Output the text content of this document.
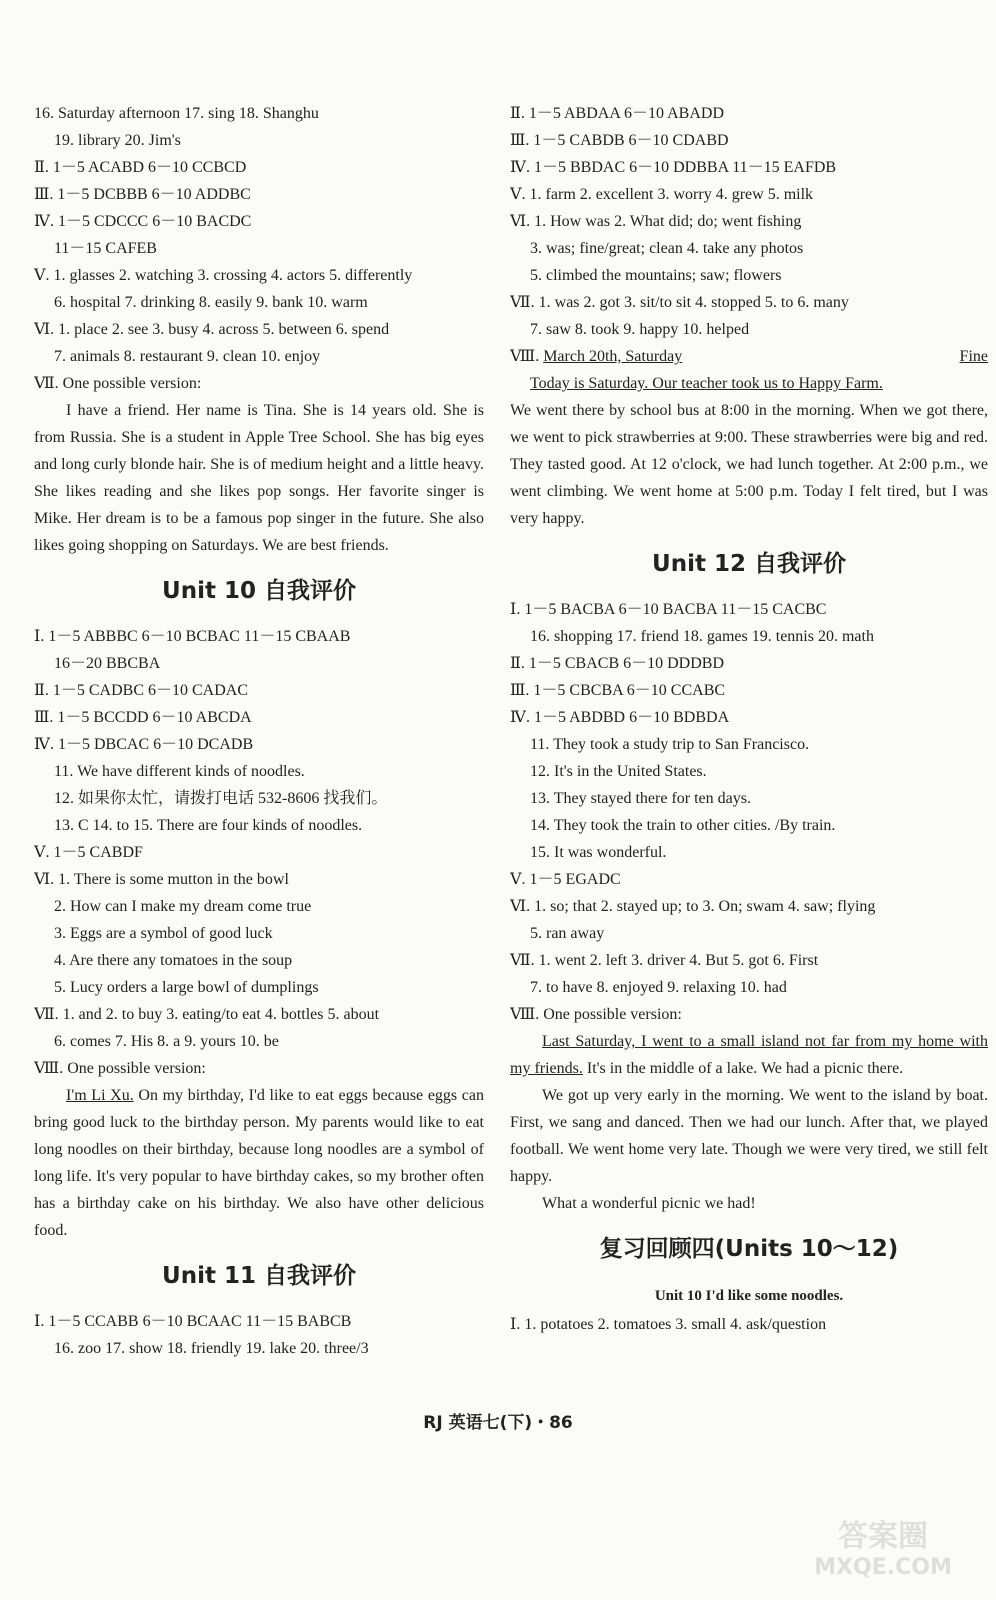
16. Saturday afternoon 17. sing 18. Shanghu
19. library 20. Jim's
Ⅱ. 1－5 ACABD 6－10 CCBCD
Ⅲ. 1－5 DCBBB 6－10 ADDBC
Ⅳ. 1－5 CDCCC 6－10 BACDC
11－15 CAFEB
Ⅴ. 1. glasses 2. watching 3. crossing 4. actors 5. differently
6. hospital 7. drinking 8. easily 9. bank 10. warm
Ⅵ. 1. place 2. see 3. busy 4. across 5. between 6. spend
7. animals 8. restaurant 9. clean 10. enjoy
Ⅶ. One possible version:
I have a friend. Her name is Tina. She is 14 years old. She is from Russia. She is a student in Apple Tree School. She has big eyes and long curly blonde hair. She is of medium height and a little heavy. She likes reading and she likes pop songs. Her favorite singer is Mike. Her dream is to be a famous pop singer in the future. She also likes going shopping on Saturdays. We are best friends.
Unit 10 自我评价
Ⅰ. 1－5 ABBBC 6－10 BCBAC 11－15 CBAAB
16－20 BBCBA
Ⅱ. 1－5 CADBC 6－10 CADAC
Ⅲ. 1－5 BCCDD 6－10 ABCDA
Ⅳ. 1－5 DBCAC 6－10 DCADB
11. We have different kinds of noodles.
12. 如果你太忙，请拨打电话 532-8606 找我们。
13. C 14. to 15. There are four kinds of noodles.
Ⅴ. 1－5 CABDF
Ⅵ. 1. There is some mutton in the bowl
2. How can I make my dream come true
3. Eggs are a symbol of good luck
4. Are there any tomatoes in the soup
5. Lucy orders a large bowl of dumplings
Ⅶ. 1. and 2. to buy 3. eating/to eat 4. bottles 5. about
6. comes 7. His 8. a 9. yours 10. be
Ⅷ. One possible version:
I'm Li Xu. On my birthday, I'd like to eat eggs because eggs can bring good luck to the birthday person. My parents would like to eat long noodles on their birthday, because long noodles are a symbol of long life. It's very popular to have birthday cakes, so my brother often has a birthday cake on his birthday. We also have other delicious food.
Unit 11 自我评价
Ⅰ. 1－5 CCABB 6－10 BCAAC 11－15 BABCB
16. zoo 17. show 18. friendly 19. lake 20. three/3
Ⅱ. 1－5 ABDAA 6－10 ABADD
Ⅲ. 1－5 CABDB 6－10 CDABD
Ⅳ. 1－5 BBDAC 6－10 DDBBA 11－15 EAFDB
Ⅴ. 1. farm 2. excellent 3. worry 4. grew 5. milk
Ⅵ. 1. How was 2. What did; do; went fishing
3. was; fine/great; clean 4. take any photos
5. climbed the mountains; saw; flowers
Ⅶ. 1. was 2. got 3. sit/to sit 4. stopped 5. to 6. many
7. saw 8. took 9. happy 10. helped
Ⅷ. March 20th, Saturday	Fine
Today is Saturday. Our teacher took us to Happy Farm.
We went there by school bus at 8:00 in the morning. When we got there, we went to pick strawberries at 9:00. These strawberries were big and red. They tasted good. At 12 o'clock, we had lunch together. At 2:00 p.m., we went climbing. We went home at 5:00 p.m. Today I felt tired, but I was very happy.
Unit 12 自我评价
Ⅰ. 1－5 BACBA 6－10 BACBA 11－15 CACBC
16. shopping 17. friend 18. games 19. tennis 20. math
Ⅱ. 1－5 CBACB 6－10 DDDBD
Ⅲ. 1－5 CBCBA 6－10 CCABC
Ⅳ. 1－5 ABDBD 6－10 BDBDA
11. They took a study trip to San Francisco.
12. It's in the United States.
13. They stayed there for ten days.
14. They took the train to other cities. /By train.
15. It was wonderful.
Ⅴ. 1－5 EGADC
Ⅵ. 1. so; that 2. stayed up; to 3. On; swam 4. saw; flying
5. ran away
Ⅶ. 1. went 2. left 3. driver 4. But 5. got 6. First
7. to have 8. enjoyed 9. relaxing 10. had
Ⅷ. One possible version:
Last Saturday, I went to a small island not far from my home with my friends. It's in the middle of a lake. We had a picnic there.
We got up very early in the morning. We went to the island by boat. First, we sang and danced. Then we had our lunch. After that, we played football. We went home very late. Though we were very tired, we still felt happy.
What a wonderful picnic we had!
复习回顾四(Units 10～12)
Unit 10 I'd like some noodles.
Ⅰ. 1. potatoes 2. tomatoes 3. small 4. ask/question
RJ 英语七(下)・86
答案圈
MXQE.COM
